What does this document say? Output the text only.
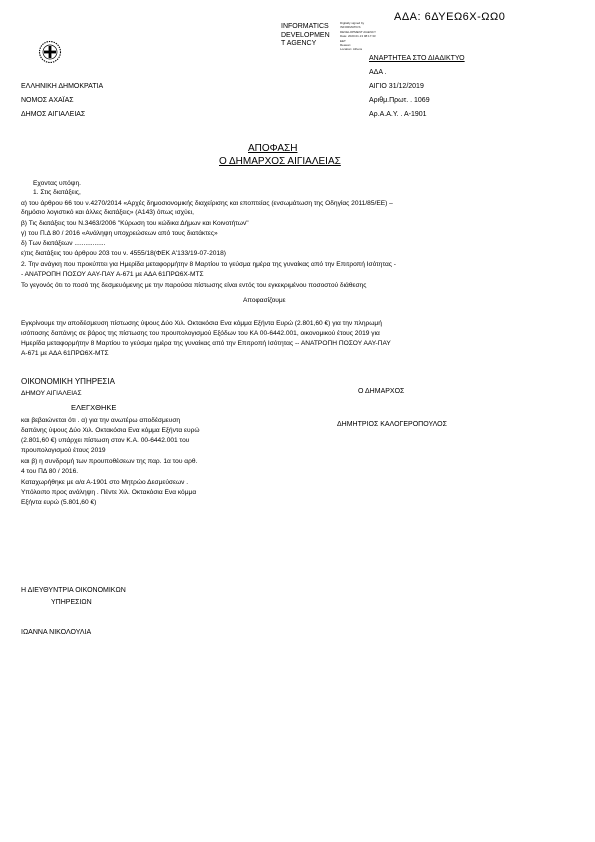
ΑΔΑ: 6ΔΥΕΩ6Χ-ΩΩ0
INFORMATICS
DEVELOPMEN
T AGENCY
Digitally signed by
INFORMATICS
DEVELOPMENT AGENCY
Date: 2020.01.13 08:17:33
EET
Reason:
Location: Athens
ΑΝΑΡΤΗΤΕΑ ΣΤΟ ΔΙΑΔΙΚΤΥΟ
ΕΛΛΗΝΙΚΗ ΔΗΜΟΚΡΑΤΙΑ
ΝΟΜΟΣ ΑΧΑΪΑΣ
ΔΗΜΟΣ ΑΙΓΙΑΛΕΙΑΣ
ΑΔΑ .
ΑΙΓΙΟ 31/12/2019
Αριθμ.Πρωτ. . 1069
Αρ.Α.Α.Υ. . Α-1901
ΑΠΟΦΑΣΗ
Ο ΔΗΜΑΡΧΟΣ ΑΙΓΙΑΛΕΙΑΣ
Εχοντας υπόψη.
1. Στις διατάξεις,
α) του άρθρου 66 του ν.4270/2014 «Αρχές δημοσιονομικής διαχείρισης και εποπτείας (ενσωμάτωση της Οδηγίας 2011/85/ΕΕ) –
δημόσιο λογιστικό και άλλες διατάξεις» (Α143) όπως ισχύει,
β) Τις διατάξεις του Ν.3463/2006 "Κύρωση του κώδικα Δήμων και Κοινοτήτων"
γ) του Π.Δ 80 / 2016 «Ανάληψη υποχρεώσεων από τους διατάκτες»
δ) Των διατάξεων .................
ε)τις διατάξεις του άρθρου 203 του ν. 4555/18(ΦΕΚ Α'133/19-07-2018)
2. Την ανάγκη που προκύπτει για Ημερίδα μεταφορμήτην 8 Μαρτίου το γεύσμα ημέρα της γυναίκας από την Επιτροπή Ισότητας -
- ΑΝΑΤΡΟΠΗ ΠΟΣΟΥ ΑΑΥ-ΠΑΥ Α-671 με ΑΔΑ 61ΠΡΩ6Χ-ΜΤΣ
Το γεγονός ότι το ποσό της δεσμευόμενης με την παρούσα πίστωσης είναι εντός του εγκεκριμένου ποσοστού διάθεσης
Αποφασίζουμε
Εγκρίνουμε την αποδέσμευση πίστωσης ύψους Δύο Χιλ. Οκτακόσια Ενα κόμμα Εξήντα Ευρώ (2.801,60 €) για την πληρωμή
ισόποσης δαπάνης σε βάρος της πίστωσης του προυπολογισμού Εξόδων του ΚΑ 00-6442.001, οικονομικού έτους 2019 για
Ημερίδα μεταφορμήτην 8 Μαρτίου το γεύσμα ημέρα της γυναίκας από την Επιτροπή Ισότητας -- ΑΝΑΤΡΟΠΗ ΠΟΣΟΥ ΑΑΥ-ΠΑΥ
Α-671 με ΑΔΑ 61ΠΡΩ6Χ-ΜΤΣ
ΟΙΚΟΝΟΜΙΚΗ ΥΠΗΡΕΣΙΑ
ΔΗΜΟΥ ΑΙΓΙΑΛΕΙΑΣ
ΕΛΕΓΧΘΗΚΕ
και βεβαιώνεται ότι . α) για την ανωτέρω αποδέσμευση
δαπάνης ύψους Δύο Χιλ. Οκτακόσια Ενα κόμμα Εξήντα ευρώ
(2.801,60 €) υπάρχει πίστωση στον Κ.Α. 00-6442.001 του
προυπολογισμού έτους 2019
και β) η συνδρομή των προυποθέσεων της παρ. 1α του αρθ.
4 του ΠΔ 80 / 2016.
Καταχωρήθηκε με α/α Α-1901 στο Μητρώο Δεσμεύσεων .
Υπόλοιπο προς ανάληψη . Πέντε Χιλ. Οκτακόσια Ενα κόμμα
Εξήντα ευρώ (5.801,60 €)
Ο ΔΗΜΑΡΧΟΣ
ΔΗΜΗΤΡΙΟΣ ΚΑΛΟΓΕΡΟΠΟΥΛΟΣ
Η ΔΙΕΥΘΥΝΤΡΙΑ ΟΙΚΟΝΟΜΙΚΩΝ
ΥΠΗΡΕΣΙΩΝ
ΙΩΑΝΝΑ ΝΙΚΟΛΟΥΛΙΑ
